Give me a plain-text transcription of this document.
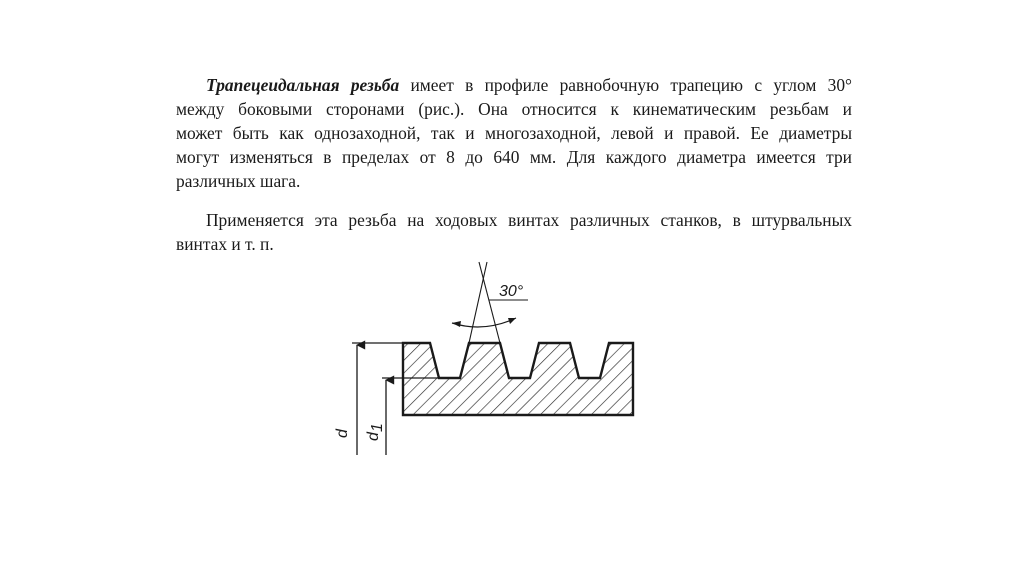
Трапецеидальная резьба имеет в профиле равнобочную трапецию с углом 30°
между боковыми сторонами (рис.). Она относится к кинематическим резьбам и
может быть как однозаходной, так и многозаходной, левой и правой. Ее диаметры
могут изменяться в пределах от 8 до 640 мм. Для каждого диаметра имеется три
различных шага.
Применяется эта резьба на ходовых винтах различных станков, в штурвальных
винтах и т. п.
d d
1
30°
